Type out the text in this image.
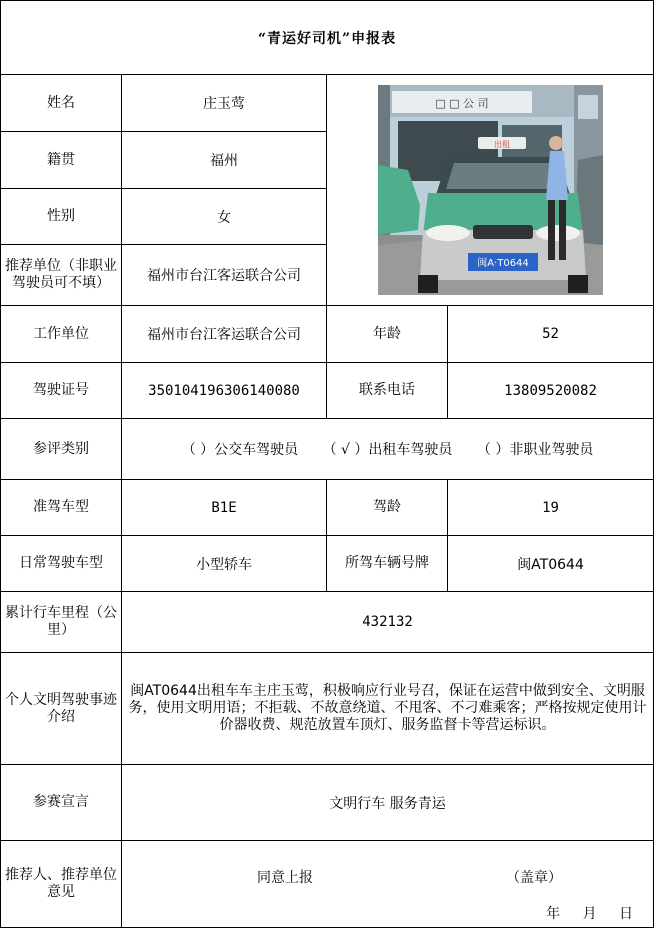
“青运好司机”申报表			
姓名	庄玉莺	□ □ 公 司
出租
闽A·T0644	

籍贯	福州		
性别	女		
推荐单位（非职业驾驶员可不填）	福州市台江客运联合公司		
工作单位	福州市台江客运联合公司	年龄	52
驾驶证号	350104196306140080	联系电话	13809520082
参评类别	（ ）公交车驾驶员 （ √ ）出租车驾驶员 （ ）非职业驾驶员		
准驾车型	B1E	驾龄	19
日常驾驶车型	小型轿车	所驾车辆号牌	闽AT0644
累计行车里程（公里）	432132		
个人文明驾驶事迹介绍	闽AT0644出租车车主庄玉莺，积极响应行业号召，保证在运营中做到安全、文明服务，使用文明用语；不拒载、不故意绕道、不甩客、不刁难乘客；严格按规定使用计价器收费、规范放置车顶灯、服务监督卡等营运标识。		
参赛宣言	文明行车 服务青运		
推荐人、推荐单位意见	同意上报 （盖章）
年 月 日		
